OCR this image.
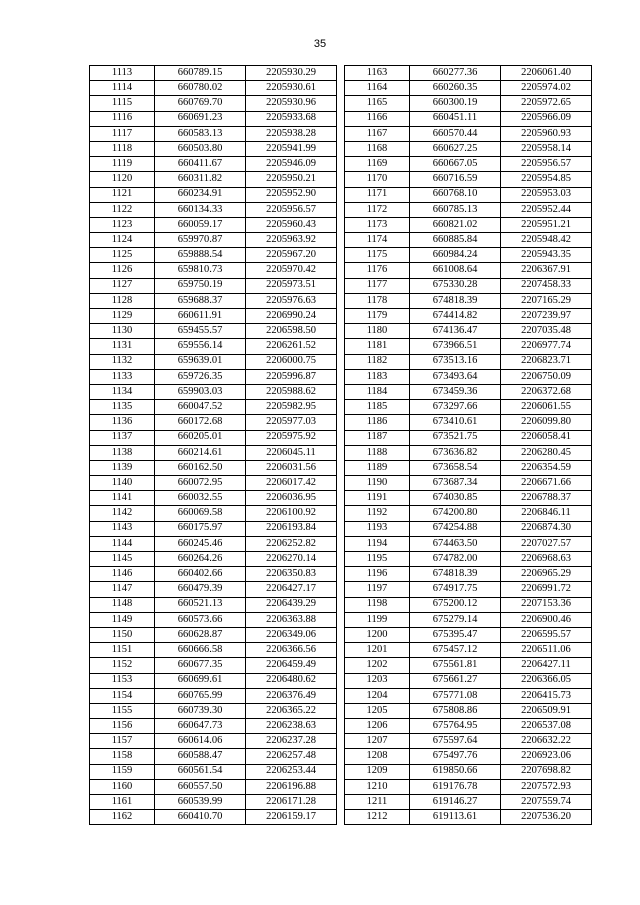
35
1113	660789.15	2205930.29
1114	660780.02	2205930.61
1115	660769.70	2205930.96
1116	660691.23	2205933.68
1117	660583.13	2205938.28
1118	660503.80	2205941.99
1119	660411.67	2205946.09
1120	660311.82	2205950.21
1121	660234.91	2205952.90
1122	660134.33	2205956.57
1123	660059.17	2205960.43
1124	659970.87	2205963.92
1125	659888.54	2205967.20
1126	659810.73	2205970.42
1127	659750.19	2205973.51
1128	659688.37	2205976.63
1129	660611.91	2206990.24
1130	659455.57	2206598.50
1131	659556.14	2206261.52
1132	659639.01	2206000.75
1133	659726.35	2205996.87
1134	659903.03	2205988.62
1135	660047.52	2205982.95
1136	660172.68	2205977.03
1137	660205.01	2205975.92
1138	660214.61	2206045.11
1139	660162.50	2206031.56
1140	660072.95	2206017.42
1141	660032.55	2206036.95
1142	660069.58	2206100.92
1143	660175.97	2206193.84
1144	660245.46	2206252.82
1145	660264.26	2206270.14
1146	660402.66	2206350.83
1147	660479.39	2206427.17
1148	660521.13	2206439.29
1149	660573.66	2206363.88
1150	660628.87	2206349.06
1151	660666.58	2206366.56
1152	660677.35	2206459.49
1153	660699.61	2206480.62
1154	660765.99	2206376.49
1155	660739.30	2206365.22
1156	660647.73	2206238.63
1157	660614.06	2206237.28
1158	660588.47	2206257.48
1159	660561.54	2206253.44
1160	660557.50	2206196.88
1161	660539.99	2206171.28
1162	660410.70	2206159.17
1163	660277.36	2206061.40
1164	660260.35	2205974.02
1165	660300.19	2205972.65
1166	660451.11	2205966.09
1167	660570.44	2205960.93
1168	660627.25	2205958.14
1169	660667.05	2205956.57
1170	660716.59	2205954.85
1171	660768.10	2205953.03
1172	660785.13	2205952.44
1173	660821.02	2205951.21
1174	660885.84	2205948.42
1175	660984.24	2205943.35
1176	661008.64	2206367.91
1177	675330.28	2207458.33
1178	674818.39	2207165.29
1179	674414.82	2207239.97
1180	674136.47	2207035.48
1181	673966.51	2206977.74
1182	673513.16	2206823.71
1183	673493.64	2206750.09
1184	673459.36	2206372.68
1185	673297.66	2206061.55
1186	673410.61	2206099.80
1187	673521.75	2206058.41
1188	673636.82	2206280.45
1189	673658.54	2206354.59
1190	673687.34	2206671.66
1191	674030.85	2206788.37
1192	674200.80	2206846.11
1193	674254.88	2206874.30
1194	674463.50	2207027.57
1195	674782.00	2206968.63
1196	674818.39	2206965.29
1197	674917.75	2206991.72
1198	675200.12	2207153.36
1199	675279.14	2206900.46
1200	675395.47	2206595.57
1201	675457.12	2206511.06
1202	675561.81	2206427.11
1203	675661.27	2206366.05
1204	675771.08	2206415.73
1205	675808.86	2206509.91
1206	675764.95	2206537.08
1207	675597.64	2206632.22
1208	675497.76	2206923.06
1209	619850.66	2207698.82
1210	619176.78	2207572.93
1211	619146.27	2207559.74
1212	619113.61	2207536.20
